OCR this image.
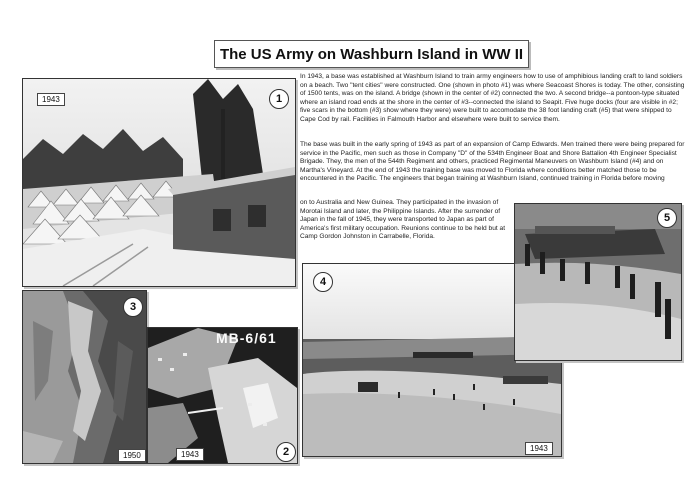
The US Army on Washburn Island in WW II
1943	1
3
1950
MB-6/61
1943	2
4
1943
5

In 1943, a base was established at Washburn Island to train army engineers how to use of amphibious landing craft to land soldiers on a beach. Two "tent cities" were constructed. One (shown in photo #1) was where Seacoast Shores is today. The other, consisting of 1500 tents, was on the island. A bridge (shown in the center of #2) connected the two. A second bridge--a pontoon-type situated where an island road ends at the shore in the center of #3--connected the island to Seapit. Five huge docks (four are visible in #2; five scars in the bottom (#3) show where they were) were built to accomodate the 38 foot landing craft (#5) that were shipped to Cape Cod by rail. Facilities in Falmouth Harbor and elsewhere were built to service them.

The base was built in the early spring of 1943 as part of an expansion of Camp Edwards. Men trained there were being prepared for service in the Pacific, men such as those in Company "D" of the 534th Engineer Boat and Shore Battalion 4th Engineer Specialist Brigade. They, the men of the 544th Regiment and others, practiced Regimental Maneuvers on Washburn Island (#4) and on Martha's Vineyard. At the end of 1943 the training base was moved to Florida where conditions better matched those to be encountered in the Pacific. The engineers that began training at Washburn Island, continued training in Florida before moving

on to Australia and New Guinea. They participated in the invasion of Morotai Island and later, the Philippine Islands. After the surrender of Japan in the fall of 1945, they were transported to Japan as part of America's first military occupation. Reunions continue to be held but at Camp Gordon Johnston in Carrabelle, Florida.
